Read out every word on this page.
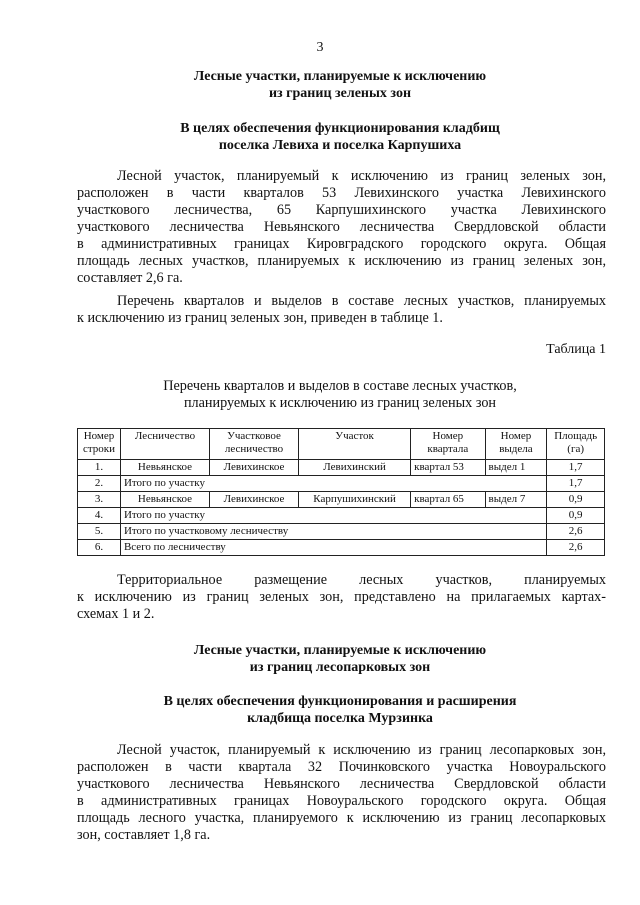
3
Лесные участки, планируемые к исключению
из границ зеленых зон
В целях обеспечения функционирования кладбищ
поселка Левиха и поселка Карпушиха
Лесной участок, планируемый к исключению из границ зеленых зон,
расположен в части кварталов 53 Левихинского участка Левихинского
участкового лесничества, 65 Карпушихинского участка Левихинского
участкового лесничества Невьянского лесничества Свердловской области
в административных границах Кировградского городского округа. Общая
площадь лесных участков, планируемых к исключению из границ зеленых зон,
составляет 2,6 га.
Перечень кварталов и выделов в составе лесных участков, планируемых
к исключению из границ зеленых зон, приведен в таблице 1.
Таблица 1
Перечень кварталов и выделов в составе лесных участков,
планируемых к исключению из границ зеленых зон
Номер строки	Лесничество	Участковое лесничество	Участок	Номер квартала	Номер выдела	Площадь (га)
1.	Невьянское	Левихинское	Левихинский	квартал 53	выдел 1	1,7
2.	Итого по участку					1,7
3.	Невьянское	Левихинское	Карпушихинский	квартал 65	выдел 7	0,9
4.	Итого по участку					0,9
5.	Итого по участковому лесничеству					2,6
6.	Всего по лесничеству					2,6
Территориальное размещение лесных участков, планируемых
к исключению из границ зеленых зон, представлено на прилагаемых картах-
схемах 1 и 2.
Лесные участки, планируемые к исключению
из границ лесопарковых зон
В целях обеспечения функционирования и расширения
кладбища поселка Мурзинка
Лесной участок, планируемый к исключению из границ лесопарковых зон,
расположен в части квартала 32 Починковского участка Новоуральского
участкового лесничества Невьянского лесничества Свердловской области
в административных границах Новоуральского городского округа. Общая
площадь лесного участка, планируемого к исключению из границ лесопарковых
зон, составляет 1,8 га.
